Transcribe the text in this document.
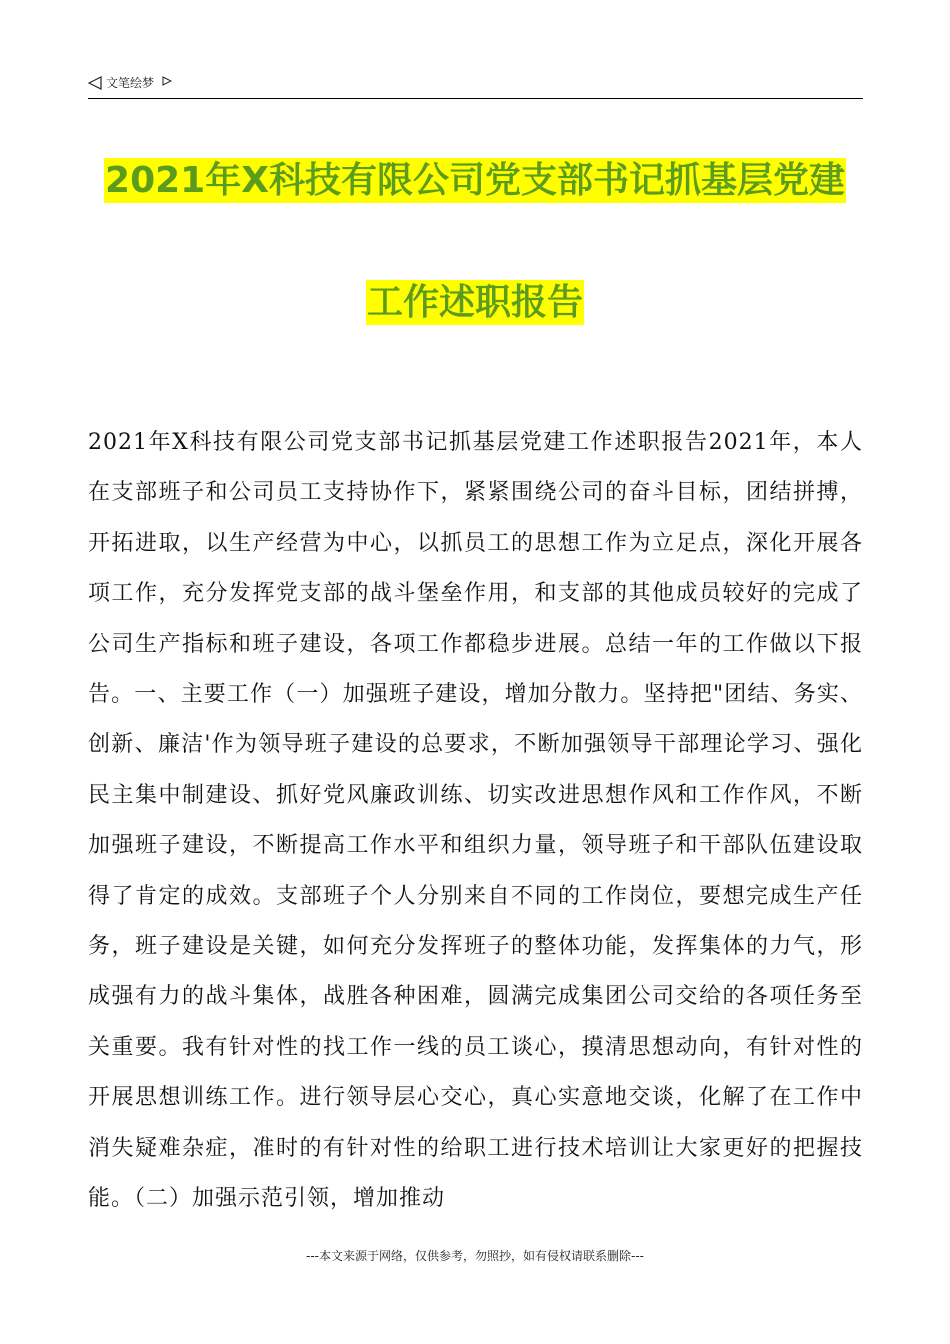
文笔绘梦
2021年X科技有限公司党支部书记抓基层党建
工作述职报告
2021年X科技有限公司党支部书记抓基层党建工作述职报告2021年，本人在支部班子和公司员工支持协作下，紧紧围绕公司的奋斗目标，团结拼搏，开拓进取，以生产经营为中心，以抓员工的思想工作为立足点，深化开展各项工作，充分发挥党支部的战斗堡垒作用，和支部的其他成员较好的完成了公司生产指标和班子建设，各项工作都稳步进展。总结一年的工作做以下报告。一、主要工作（一）加强班子建设，增加分散力。坚持把"团结、务实、创新、廉洁'作为领导班子建设的总要求，不断加强领导干部理论学习、强化民主集中制建设、抓好党风廉政训练、切实改进思想作风和工作作风，不断加强班子建设，不断提高工作水平和组织力量，领导班子和干部队伍建设取得了肯定的成效。支部班子个人分别来自不同的工作岗位，要想完成生产任务，班子建设是关键，如何充分发挥班子的整体功能，发挥集体的力气，形成强有力的战斗集体，战胜各种困难，圆满完成集团公司交给的各项任务至关重要。我有针对性的找工作一线的员工谈心，摸清思想动向，有针对性的开展思想训练工作。进行领导层心交心，真心实意地交谈，化解了在工作中消失疑难杂症，准时的有针对性的给职工进行技术培训让大家更好的把握技能。（二）加强示范引领，增加推动
---本文来源于网络，仅供参考，勿照抄，如有侵权请联系删除---
